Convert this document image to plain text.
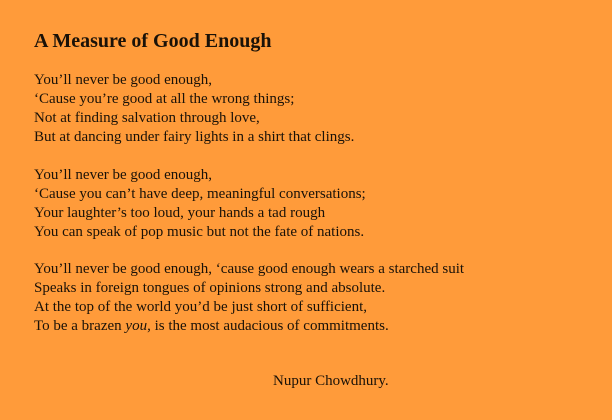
A Measure of Good Enough
You’ll never be good enough,
‘Cause you’re good at all the wrong things;
Not at finding salvation through love,
But at dancing under fairy lights in a shirt that clings.
You’ll never be good enough,
‘Cause you can’t have deep, meaningful conversations;
Your laughter’s too loud, your hands a tad rough
You can speak of pop music but not the fate of nations.
You’ll never be good enough, ‘cause good enough wears a starched suit
Speaks in foreign tongues of opinions strong and absolute.
At the top of the world you’d be just short of sufficient,
To be a brazen you, is the most audacious of commitments.
Nupur Chowdhury.
